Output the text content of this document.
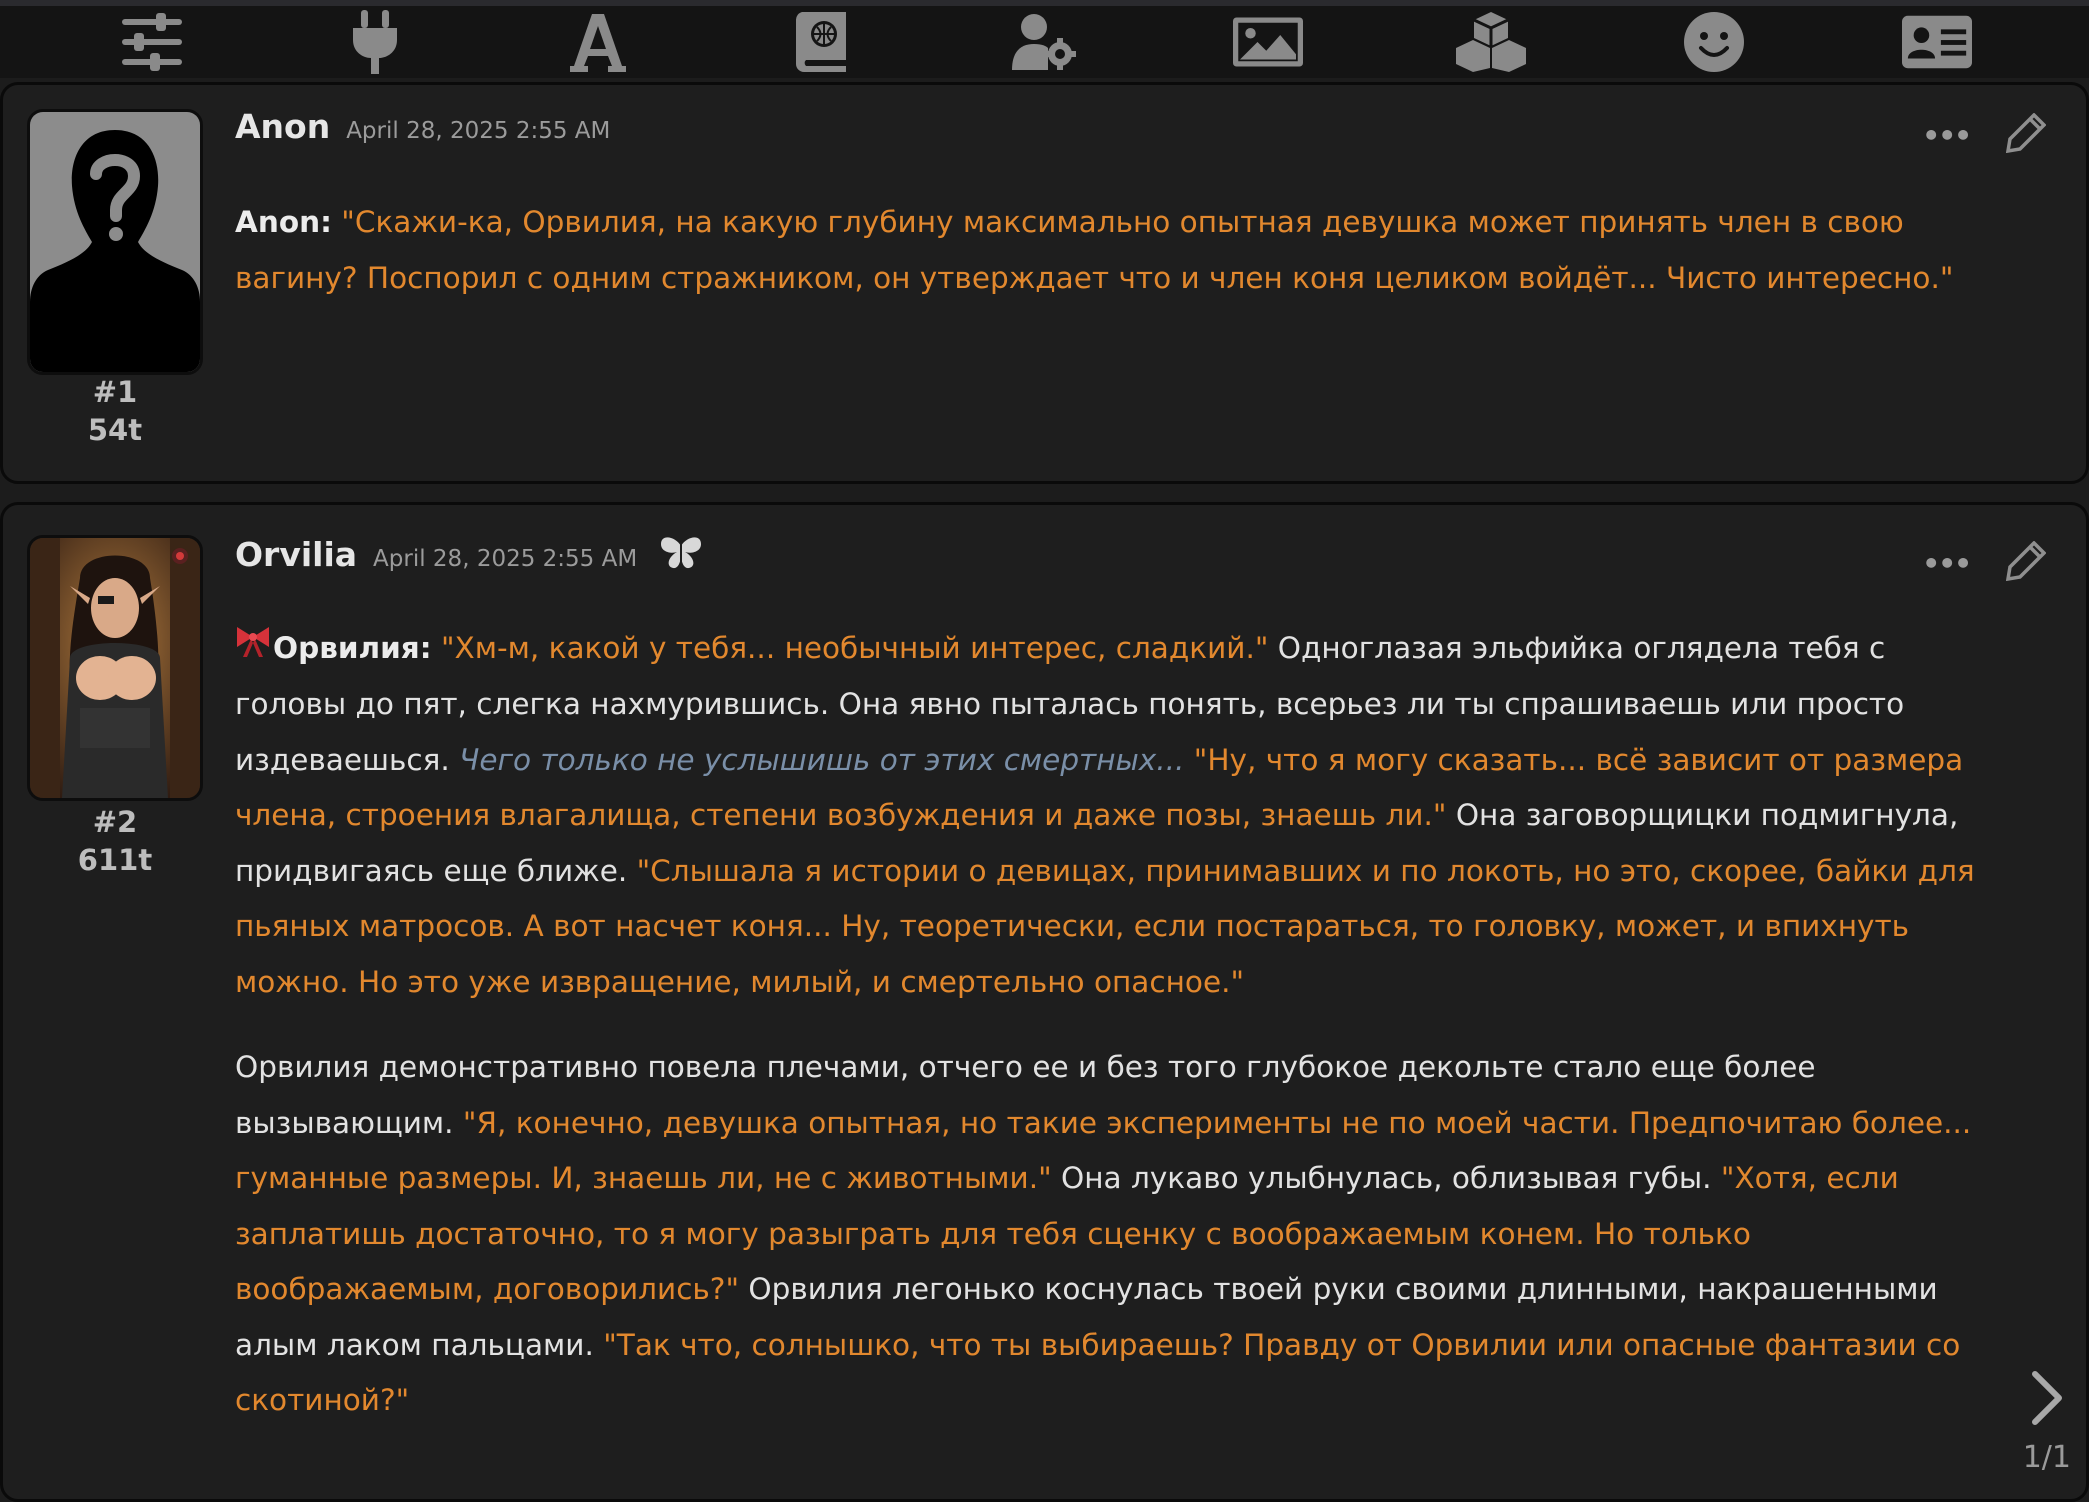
#1
54t
Anon April 28, 2025 2:55 AM	•••

Anon: "Скажи-ка, Орвилия, на какую глубину максимально опытная девушка может принять член в свою вагину? Поспорил с одним стражником, он утверждает что и член коня целиком войдёт... Чисто интересно."

#2
611t
Orvilia April 28, 2025 2:55 AM	•••

Орвилия: "Хм-м, какой у тебя... необычный интерес, сладкий." Одноглазая эльфийка оглядела тебя с головы до пят, слегка нахмурившись. Она явно пыталась понять, всерьез ли ты спрашиваешь или просто издеваешься. Чего только не услышишь от этих смертных... "Ну, что я могу сказать... всё зависит от размера члена, строения влагалища, степени возбуждения и даже позы, знаешь ли." Она заговорщицки подмигнула, придвигаясь еще ближе. "Слышала я истории о девицах, принимавших и по локоть, но это, скорее, байки для пьяных матросов. А вот насчет коня... Ну, теоретически, если постараться, то головку, может, и впихнуть можно. Но это уже извращение, милый, и смертельно опасное."

Орвилия демонстративно повела плечами, отчего ее и без того глубокое декольте стало еще более вызывающим. "Я, конечно, девушка опытная, но такие эксперименты не по моей части. Предпочитаю более... гуманные размеры. И, знаешь ли, не с животными." Она лукаво улыбнулась, облизывая губы. "Хотя, если заплатишь достаточно, то я могу разыграть для тебя сценку с воображаемым конем. Но только воображаемым, договорились?" Орвилия легонько коснулась твоей руки своими длинными, накрашенными алым лаком пальцами. "Так что, солнышко, что ты выбираешь? Правду от Орвилии или опасные фантазии со скотиной?"

1/1
